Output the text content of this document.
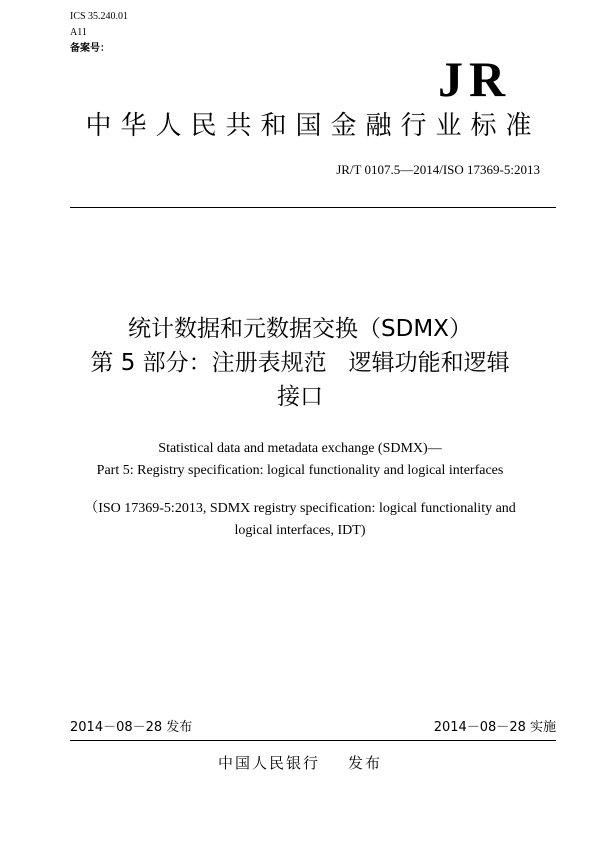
ICS 35.240.01
A11
备案号：
JR
中华人民共和国金融行业标准
JR/T 0107.5—2014/ISO 17369-5:2013
统计数据和元数据交换（SDMX）
第 5 部分：注册表规范   逻辑功能和逻辑
接口
Statistical data and metadata exchange (SDMX)—
Part 5: Registry specification: logical functionality and logical interfaces
（ISO 17369-5:2013, SDMX registry specification: logical functionality and
logical interfaces, IDT)
2014－08－28 发布	2014－08－28 实施
中国人民银行 发布
